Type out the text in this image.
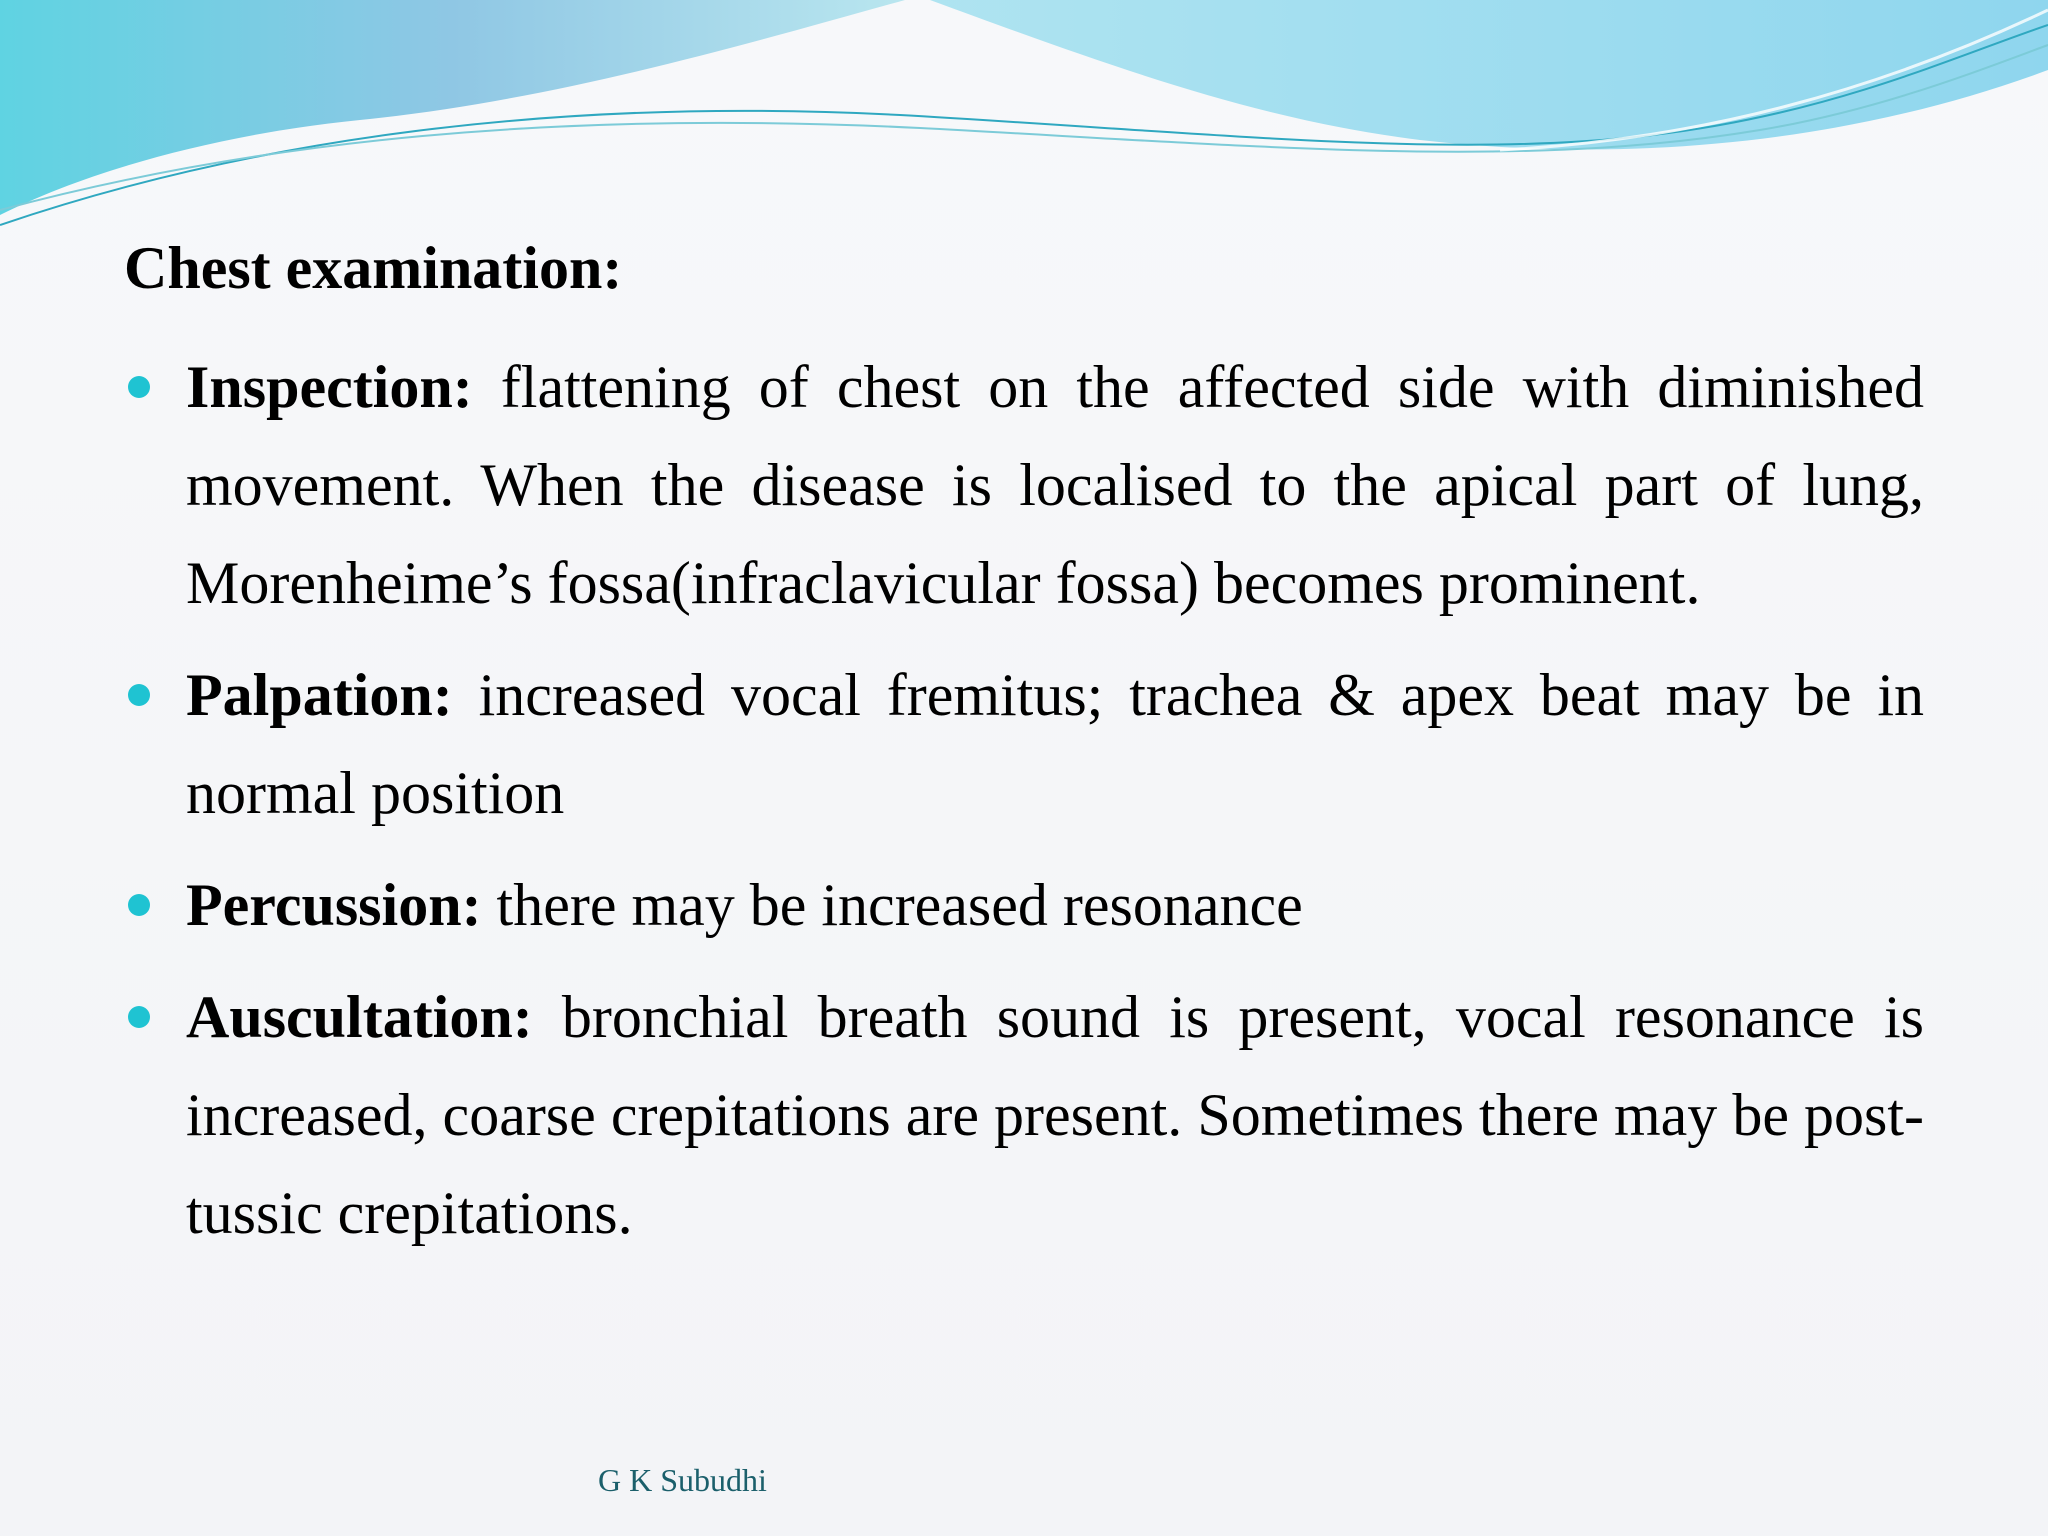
Chest examination:
Inspection: flattening of chest on the affected side with diminished movement. When the disease is localised to the apical part of lung, Morenheime’s fossa(infraclavicular fossa) becomes prominent.
Palpation: increased vocal fremitus; trachea & apex beat may be in normal position
Percussion: there may be increased resonance
Auscultation: bronchial breath sound is present, vocal resonance is increased, coarse crepitations are present. Sometimes there may be post-tussic crepitations.
G K Subudhi
